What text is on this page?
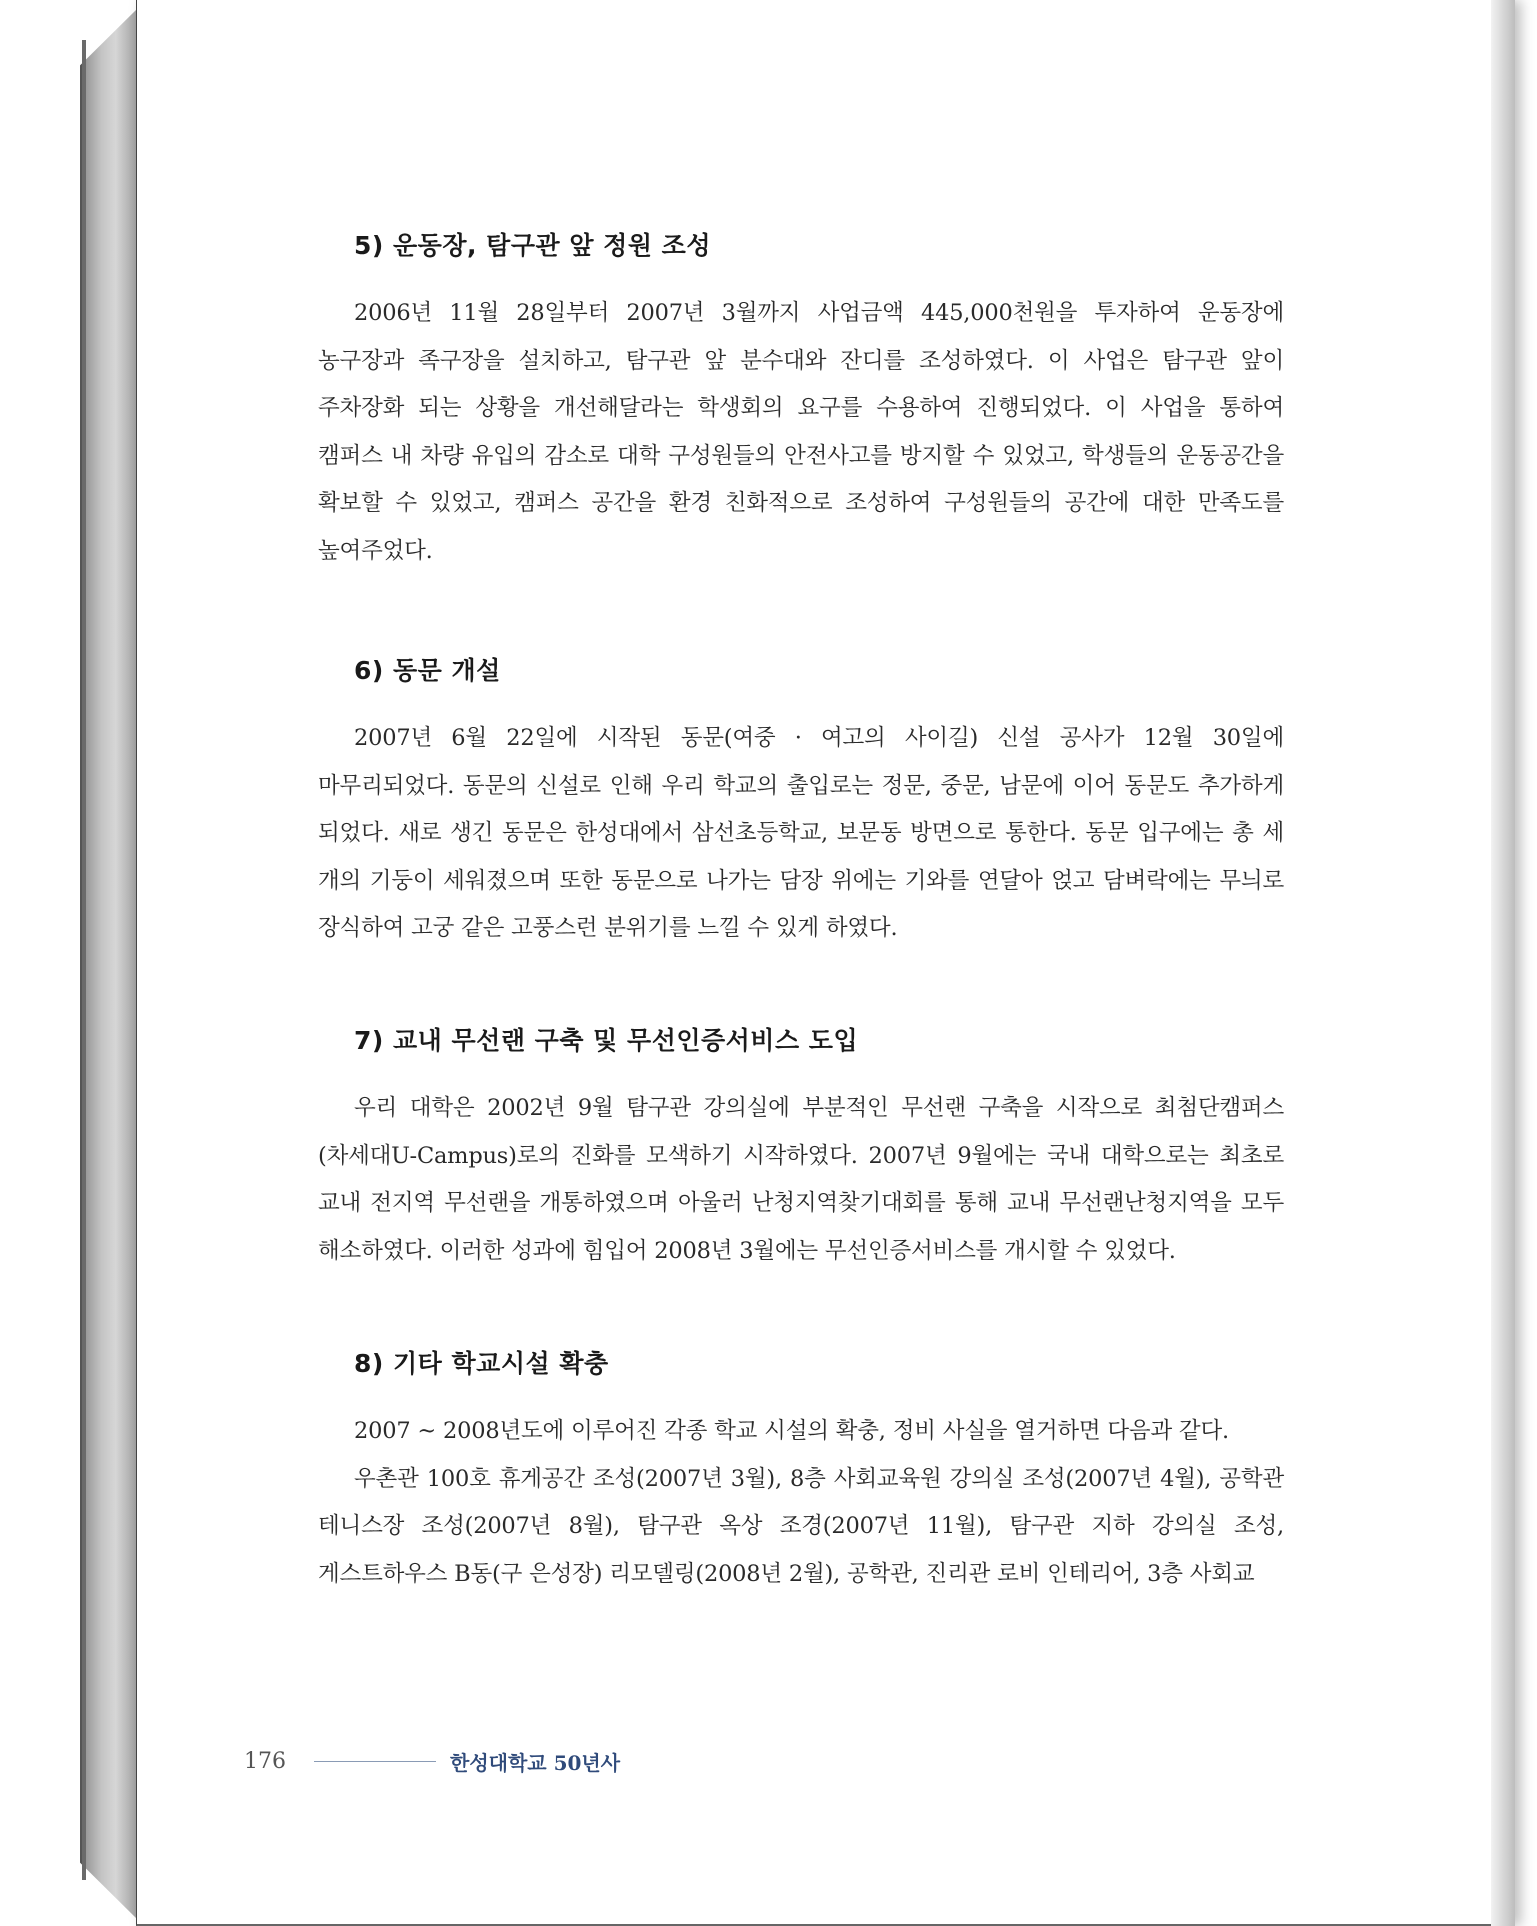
5) 운동장, 탐구관 앞 정원 조성

2006년 11월 28일부터 2007년 3월까지 사업금액 445,000천원을 투자하여 운동장에 농구장과 족구장을 설치하고, 탐구관 앞 분수대와 잔디를 조성하였다. 이 사업은 탐구관 앞이 주차장화 되는 상황을 개선해달라는 학생회의 요구를 수용하여 진행되었다. 이 사업을 통하여 캠퍼스 내 차량 유입의 감소로 대학 구성원들의 안전사고를 방지할 수 있었고, 학생들의 운동공간을 확보할 수 있었고, 캠퍼스 공간을 환경 친화적으로 조성하여 구성원들의 공간에 대한 만족도를 높여주었다.

6) 동문 개설

2007년 6월 22일에 시작된 동문(여중 · 여고의 사이길) 신설 공사가 12월 30일에 마무리되었다. 동문의 신설로 인해 우리 학교의 출입로는 정문, 중문, 남문에 이어 동문도 추가하게 되었다. 새로 생긴 동문은 한성대에서 삼선초등학교, 보문동 방면으로 통한다. 동문 입구에는 총 세 개의 기둥이 세워졌으며 또한 동문으로 나가는 담장 위에는 기와를 연달아 얹고 담벼락에는 무늬로 장식하여 고궁 같은 고풍스런 분위기를 느낄 수 있게 하였다.

7) 교내 무선랜 구축 및 무선인증서비스 도입

우리 대학은 2002년 9월 탐구관 강의실에 부분적인 무선랜 구축을 시작으로 최첨단캠퍼스(차세대U-Campus)로의 진화를 모색하기 시작하였다. 2007년 9월에는 국내 대학으로는 최초로 교내 전지역 무선랜을 개통하였으며 아울러 난청지역찾기대회를 통해 교내 무선랜난청지역을 모두 해소하였다. 이러한 성과에 힘입어 2008년 3월에는 무선인증서비스를 개시할 수 있었다.

8) 기타 학교시설 확충

2007 ~ 2008년도에 이루어진 각종 학교 시설의 확충, 정비 사실을 열거하면 다음과 같다.

우촌관 100호 휴게공간 조성(2007년 3월), 8층 사회교육원 강의실 조성(2007년 4월), 공학관 테니스장 조성(2007년 8월), 탐구관 옥상 조경(2007년 11월), 탐구관 지하 강의실 조성, 게스트하우스 B동(구 은성장) 리모델링(2008년 2월), 공학관, 진리관 로비 인테리어, 3층 사회교

176	한성대학교 50년사
